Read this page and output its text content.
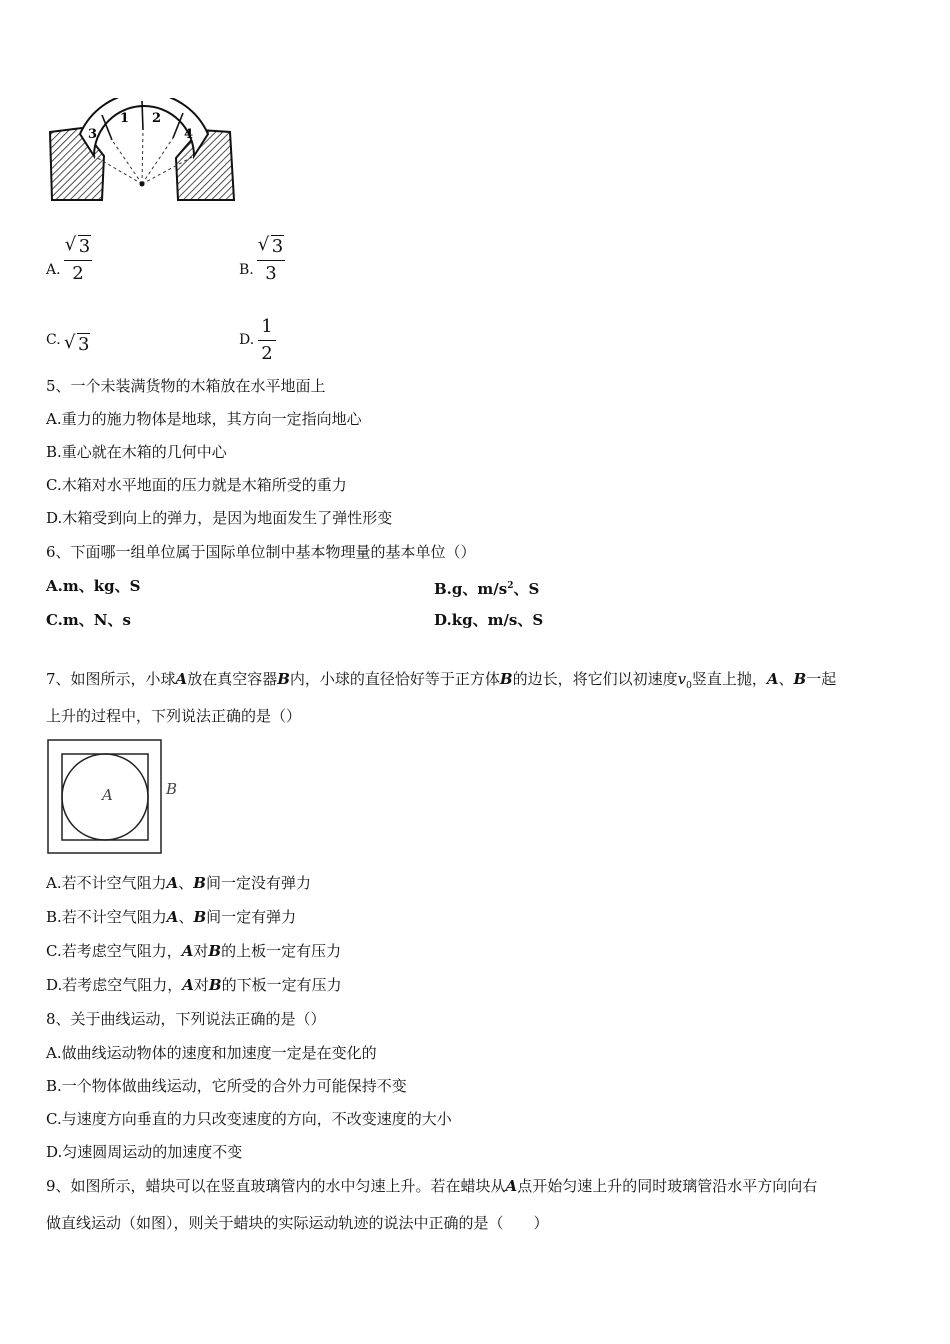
3
1 2
4
A.
√ 3
2	B.
√ 3
3
C. √ 3	D.
1
2
5、一个未装满货物的木箱放在水平地面上
A.重力的施力物体是地球，其方向一定指向地心
B.重心就在木箱的几何中心
C.木箱对水平地面的压力就是木箱所受的重力
D.木箱受到向上的弹力，是因为地面发生了弹性形变
6、下面哪一组单位属于国际单位制中基本物理量的基本单位（）
A.m、kg、S	B.g、$m/s^2$、S
C.m、N、s	D.kg、m/s、S
7、如图所示，小球A放在真空容器B内，小球的直径恰好等于正方体B的边长，将它们以初速度$v_0$竖直上抛，A、B一起
上升的过程中，下列说法正确的是（）
A	B
A.若不计空气阻力A、B间一定没有弹力
B.若不计空气阻力A、B间一定有弹力
C.若考虑空气阻力，A对B的上板一定有压力
D.若考虑空气阻力，A对B的下板一定有压力
8、关于曲线运动，下列说法正确的是（）
A.做曲线运动物体的速度和加速度一定是在变化的
B.一个物体做曲线运动，它所受的合外力可能保持不变
C.与速度方向垂直的力只改变速度的方向，不改变速度的大小
D.匀速圆周运动的加速度不变
9、如图所示，蜡块可以在竖直玻璃管内的水中匀速上升。若在蜡块从A点开始匀速上升的同时玻璃管沿水平方向向右
做直线运动（如图），则关于蜡块的实际运动轨迹的说法中正确的是（　　）
